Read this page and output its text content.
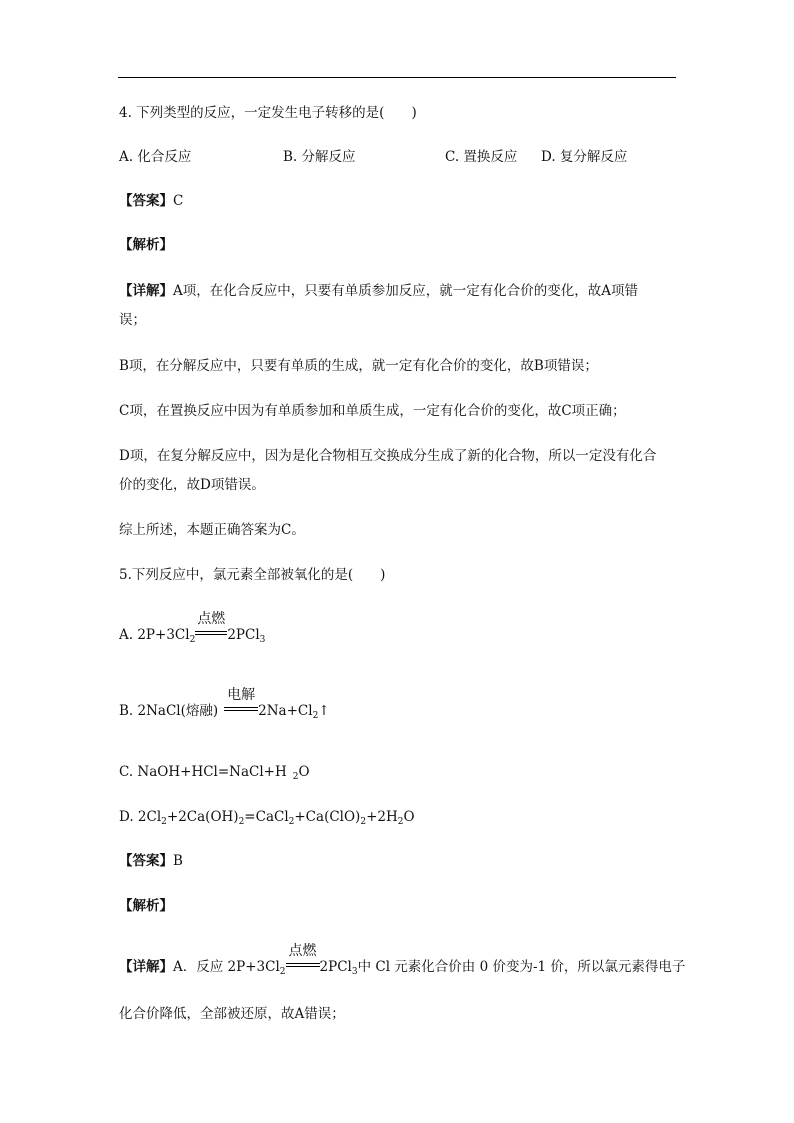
4. 下列类型的反应，一定发生电子转移的是(　　)
A. 化合反应	B. 分解反应	C. 置换反应 D. 复分解反应
【答案】C
【解析】
【详解】A项，在化合反应中，只要有单质参加反应，就一定有化合价的变化，故A项错
误；
B项，在分解反应中，只要有单质的生成，就一定有化合价的变化，故B项错误；
C项，在置换反应中因为有单质参加和单质生成，一定有化合价的变化，故C项正确；
D项，在复分解反应中，因为是化合物相互交换成分生成了新的化合物，所以一定没有化合
价的变化，故D项错误。
综上所述，本题正确答案为C。
5.下列反应中，氯元素全部被氧化的是(　　)
A. $2P+3Cl_2$
点燃
2PCl$_3$
B. 2NaCl(熔融)
电解
$2Na+Cl_2↑$
C. NaOH+HCl=NaCl+H $_2$O
D. $2Cl_2+2Ca(OH)_2=CaCl_2+Ca(ClO)_2+2H_2O$
【答案】B
【解析】
【详解】A．反应 $2P+3Cl_2$
点燃
2PCl$_3$中 Cl 元素化合价由 0 价变为-1 价，所以氯元素得电子
化合价降低，全部被还原，故A错误；
